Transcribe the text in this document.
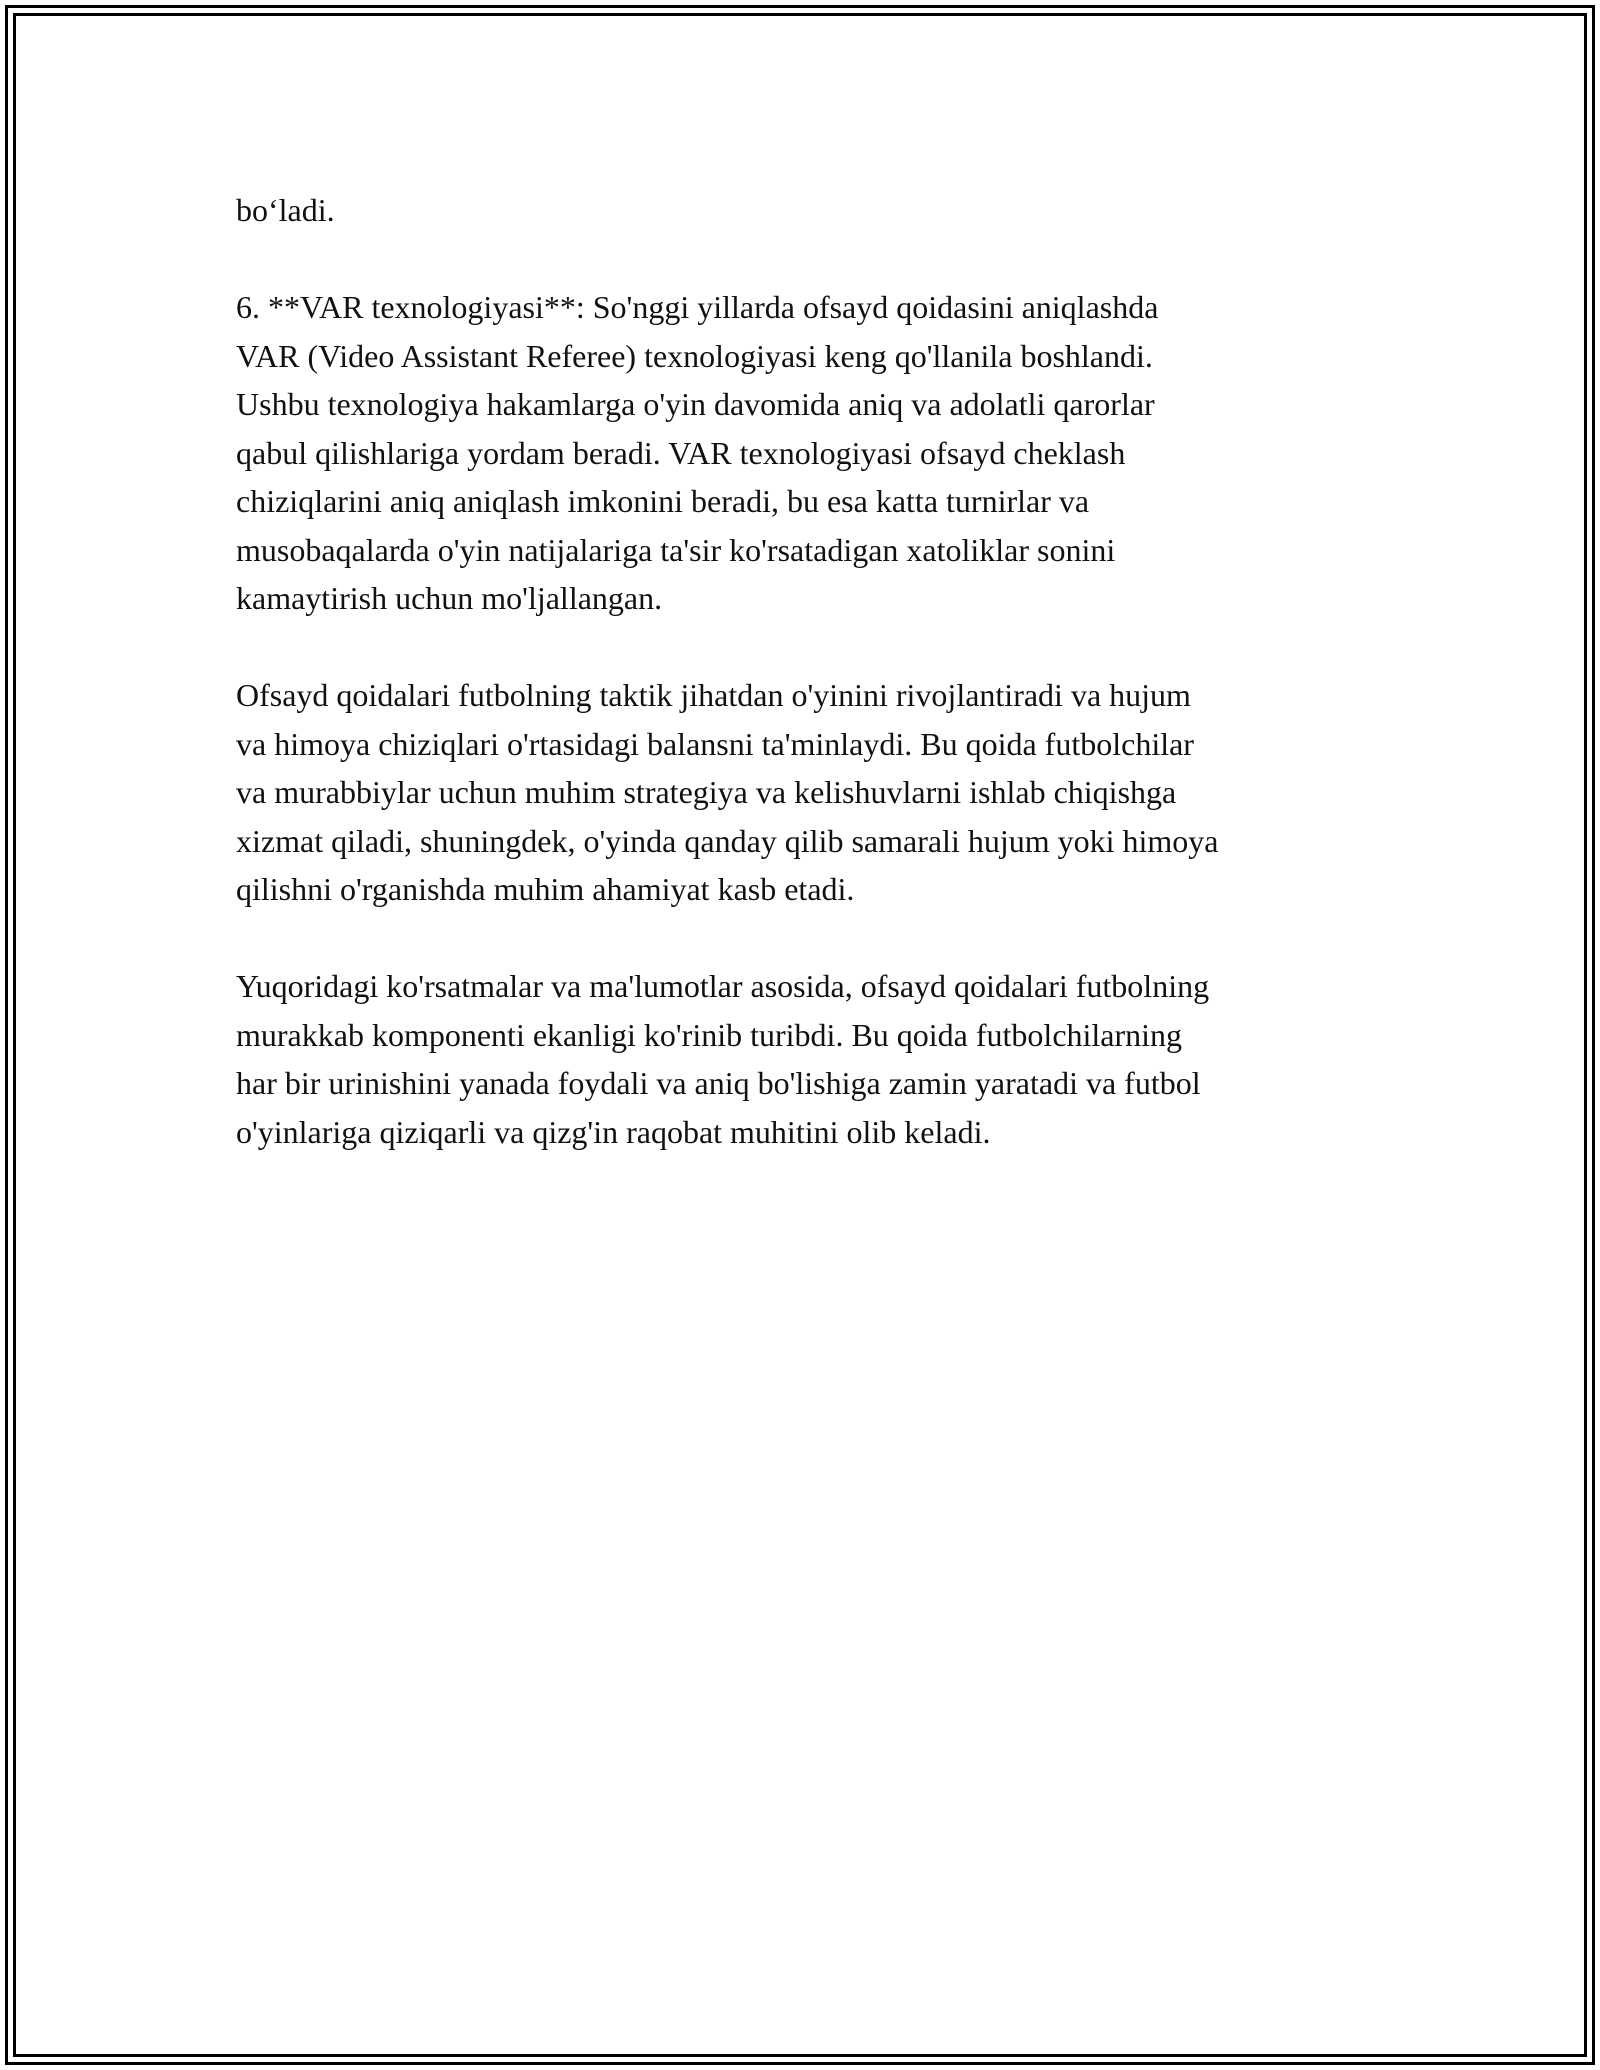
bo‘ladi.

6. **VAR texnologiyasi**: So'nggi yillarda ofsayd qoidasini aniqlashda
VAR (Video Assistant Referee) texnologiyasi keng qo'llanila boshlandi.
Ushbu texnologiya hakamlarga o'yin davomida aniq va adolatli qarorlar
qabul qilishlariga yordam beradi. VAR texnologiyasi ofsayd cheklash
chiziqlarini aniq aniqlash imkonini beradi, bu esa katta turnirlar va
musobaqalarda o'yin natijalariga ta'sir ko'rsatadigan xatoliklar sonini
kamaytirish uchun mo'ljallangan.

Ofsayd qoidalari futbolning taktik jihatdan o'yinini rivojlantiradi va hujum
va himoya chiziqlari o'rtasidagi balansni ta'minlaydi. Bu qoida futbolchilar
va murabbiylar uchun muhim strategiya va kelishuvlarni ishlab chiqishga
xizmat qiladi, shuningdek, o'yinda qanday qilib samarali hujum yoki himoya
qilishni o'rganishda muhim ahamiyat kasb etadi.

Yuqoridagi ko'rsatmalar va ma'lumotlar asosida, ofsayd qoidalari futbolning
murakkab komponenti ekanligi ko'rinib turibdi. Bu qoida futbolchilarning
har bir urinishini yanada foydali va aniq bo'lishiga zamin yaratadi va futbol
o'yinlariga qiziqarli va qizg'in raqobat muhitini olib keladi.
